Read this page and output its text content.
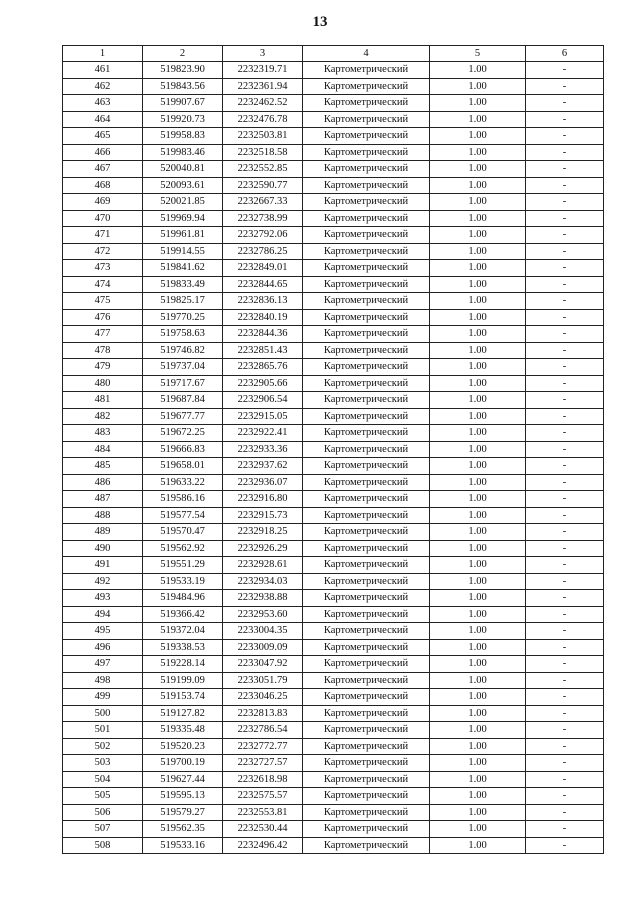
13
1	2	3	4	5	6
461	519823.90	2232319.71	Картометрический	1.00	-
462	519843.56	2232361.94	Картометрический	1.00	-
463	519907.67	2232462.52	Картометрический	1.00	-
464	519920.73	2232476.78	Картометрический	1.00	-
465	519958.83	2232503.81	Картометрический	1.00	-
466	519983.46	2232518.58	Картометрический	1.00	-
467	520040.81	2232552.85	Картометрический	1.00	-
468	520093.61	2232590.77	Картометрический	1.00	-
469	520021.85	2232667.33	Картометрический	1.00	-
470	519969.94	2232738.99	Картометрический	1.00	-
471	519961.81	2232792.06	Картометрический	1.00	-
472	519914.55	2232786.25	Картометрический	1.00	-
473	519841.62	2232849.01	Картометрический	1.00	-
474	519833.49	2232844.65	Картометрический	1.00	-
475	519825.17	2232836.13	Картометрический	1.00	-
476	519770.25	2232840.19	Картометрический	1.00	-
477	519758.63	2232844.36	Картометрический	1.00	-
478	519746.82	2232851.43	Картометрический	1.00	-
479	519737.04	2232865.76	Картометрический	1.00	-
480	519717.67	2232905.66	Картометрический	1.00	-
481	519687.84	2232906.54	Картометрический	1.00	-
482	519677.77	2232915.05	Картометрический	1.00	-
483	519672.25	2232922.41	Картометрический	1.00	-
484	519666.83	2232933.36	Картометрический	1.00	-
485	519658.01	2232937.62	Картометрический	1.00	-
486	519633.22	2232936.07	Картометрический	1.00	-
487	519586.16	2232916.80	Картометрический	1.00	-
488	519577.54	2232915.73	Картометрический	1.00	-
489	519570.47	2232918.25	Картометрический	1.00	-
490	519562.92	2232926.29	Картометрический	1.00	-
491	519551.29	2232928.61	Картометрический	1.00	-
492	519533.19	2232934.03	Картометрический	1.00	-
493	519484.96	2232938.88	Картометрический	1.00	-
494	519366.42	2232953.60	Картометрический	1.00	-
495	519372.04	2233004.35	Картометрический	1.00	-
496	519338.53	2233009.09	Картометрический	1.00	-
497	519228.14	2233047.92	Картометрический	1.00	-
498	519199.09	2233051.79	Картометрический	1.00	-
499	519153.74	2233046.25	Картометрический	1.00	-
500	519127.82	2232813.83	Картометрический	1.00	-
501	519335.48	2232786.54	Картометрический	1.00	-
502	519520.23	2232772.77	Картометрический	1.00	-
503	519700.19	2232727.57	Картометрический	1.00	-
504	519627.44	2232618.98	Картометрический	1.00	-
505	519595.13	2232575.57	Картометрический	1.00	-
506	519579.27	2232553.81	Картометрический	1.00	-
507	519562.35	2232530.44	Картометрический	1.00	-
508	519533.16	2232496.42	Картометрический	1.00	-
